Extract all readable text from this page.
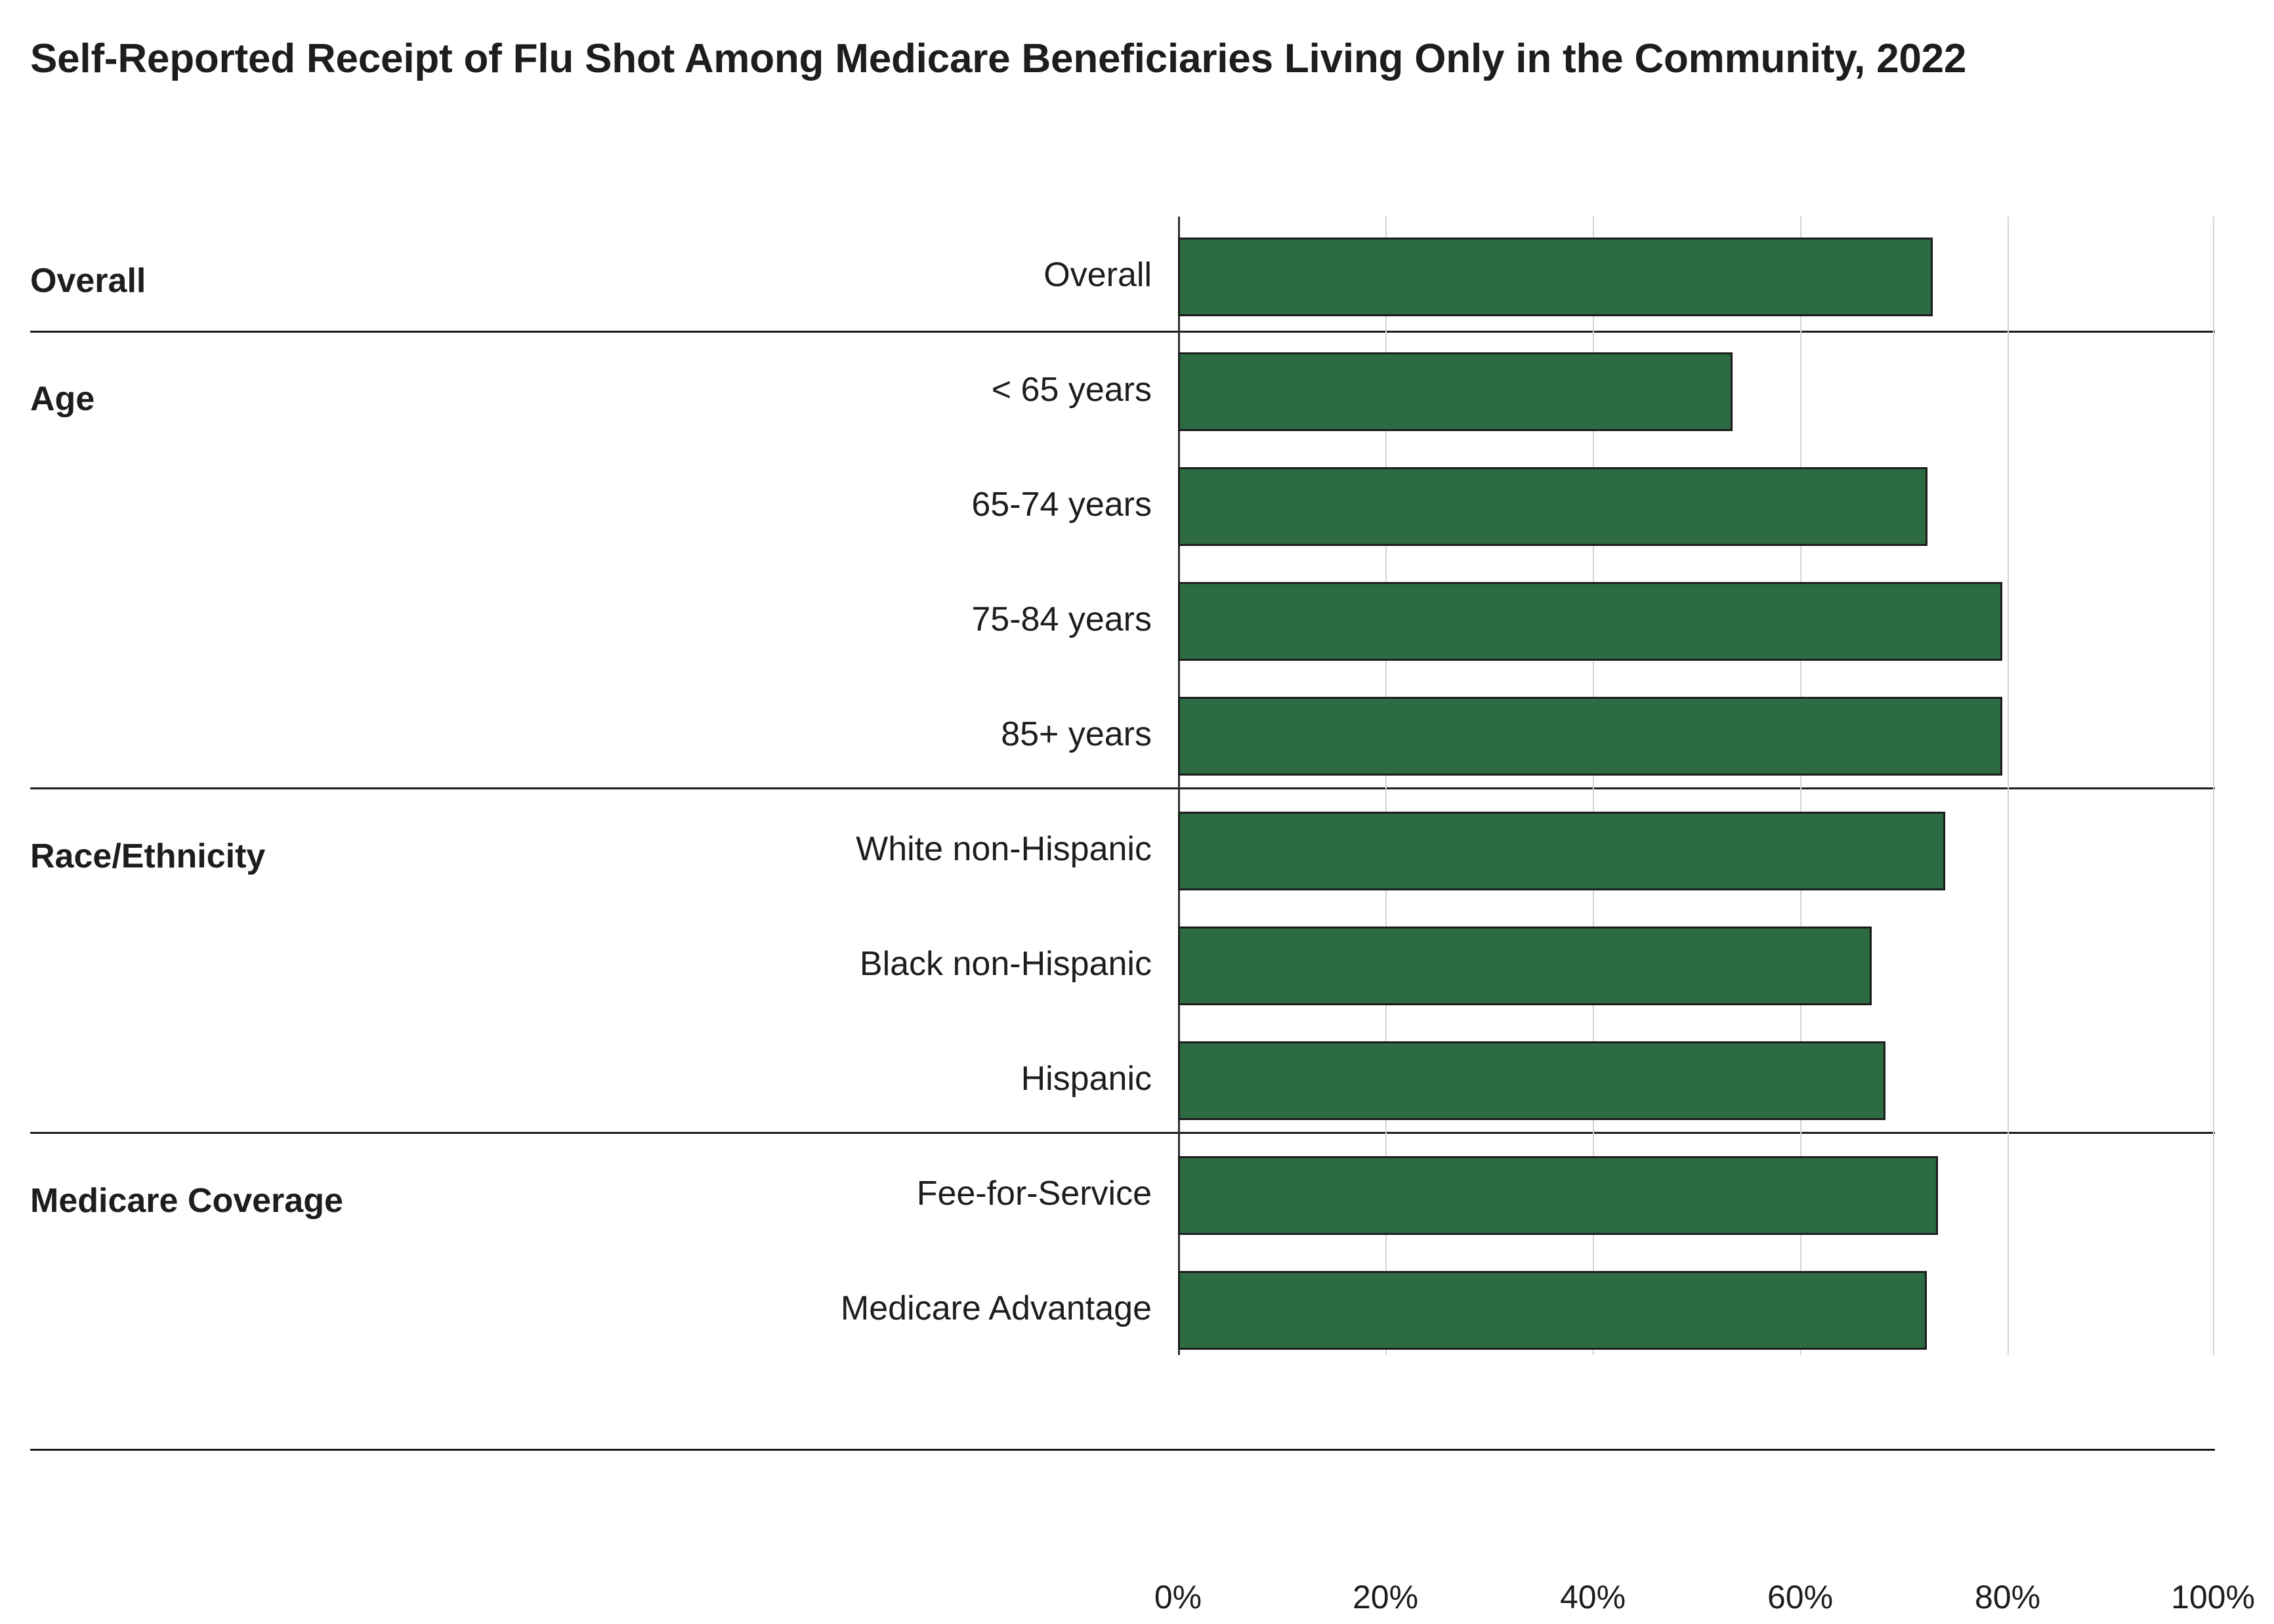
Self-Reported Receipt of Flu Shot Among Medicare Beneficiaries Living Only in the Community, 2022
Overall
Age
Race/Ethnicity
Medicare Coverage
Overall
< 65 years
65-74 years
75-84 years
85+ years
White non-Hispanic
Black non-Hispanic
Hispanic
Fee-for-Service
Medicare Advantage
0%	20%	40%	60%	80%	100%
